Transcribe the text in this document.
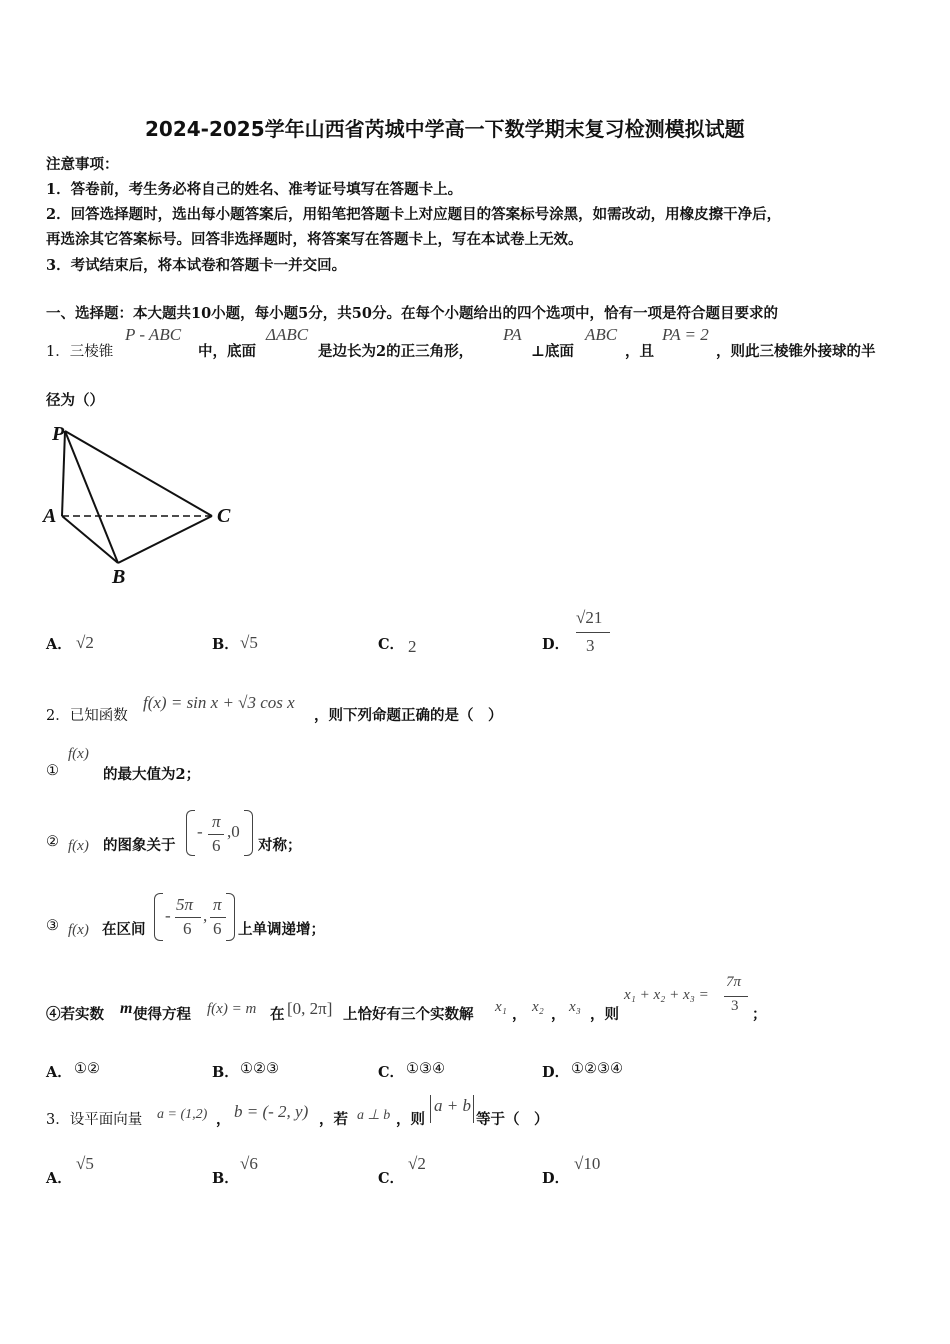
2024-2025学年山西省芮城中学高一下数学期末复习检测模拟试题
注意事项：
1．答卷前，考生务必将自己的姓名、准考证号填写在答题卡上。
2．回答选择题时，选出每小题答案后，用铅笔把答题卡上对应题目的答案标号涂黑，如需改动，用橡皮擦干净后，
再选涂其它答案标号。回答非选择题时，将答案写在答题卡上，写在本试卷上无效。
3．考试结束后，将本试卷和答题卡一并交回。
一、选择题：本大题共10小题，每小题5分，共50分。在每个小题给出的四个选项中，恰有一项是符合题目要求的
1．三棱锥
P - ABC
中，底面
ΔABC
是边长为2的正三角形，
PA
⊥底面
ABC
，且
PA = 2
，则此三棱锥外接球的半
径为（）
P
A
B
C
A． √2	B． √5	C． 2	D．
√21
3
2．已知函数
f(x) = sin x + √3 cos x
，则下列命题正确的是（　）
①
f(x)
的最大值为2；
② f(x) 的图象关于
-
π
6
,0
对称；
③ f(x) 在区间
-
5π
6
,
π
6 上单调递增；
④若实数 m 使得方程 f(x) = m 在 [0, 2π] 上恰好有三个实数解 x₁ ， x₂ ， x₃ ，则
x₁ + x₂ + x₃ =
7π
3 ；
A． ①②	B． ①②③	C． ①③④	D． ①②③④
3．设平面向量 a = (1,2) ， b = (- 2, y) ，若 a ⊥ b ，则
a + b
等于（　）
A．
√5
B．
√6
C．
√2
D．
√10
